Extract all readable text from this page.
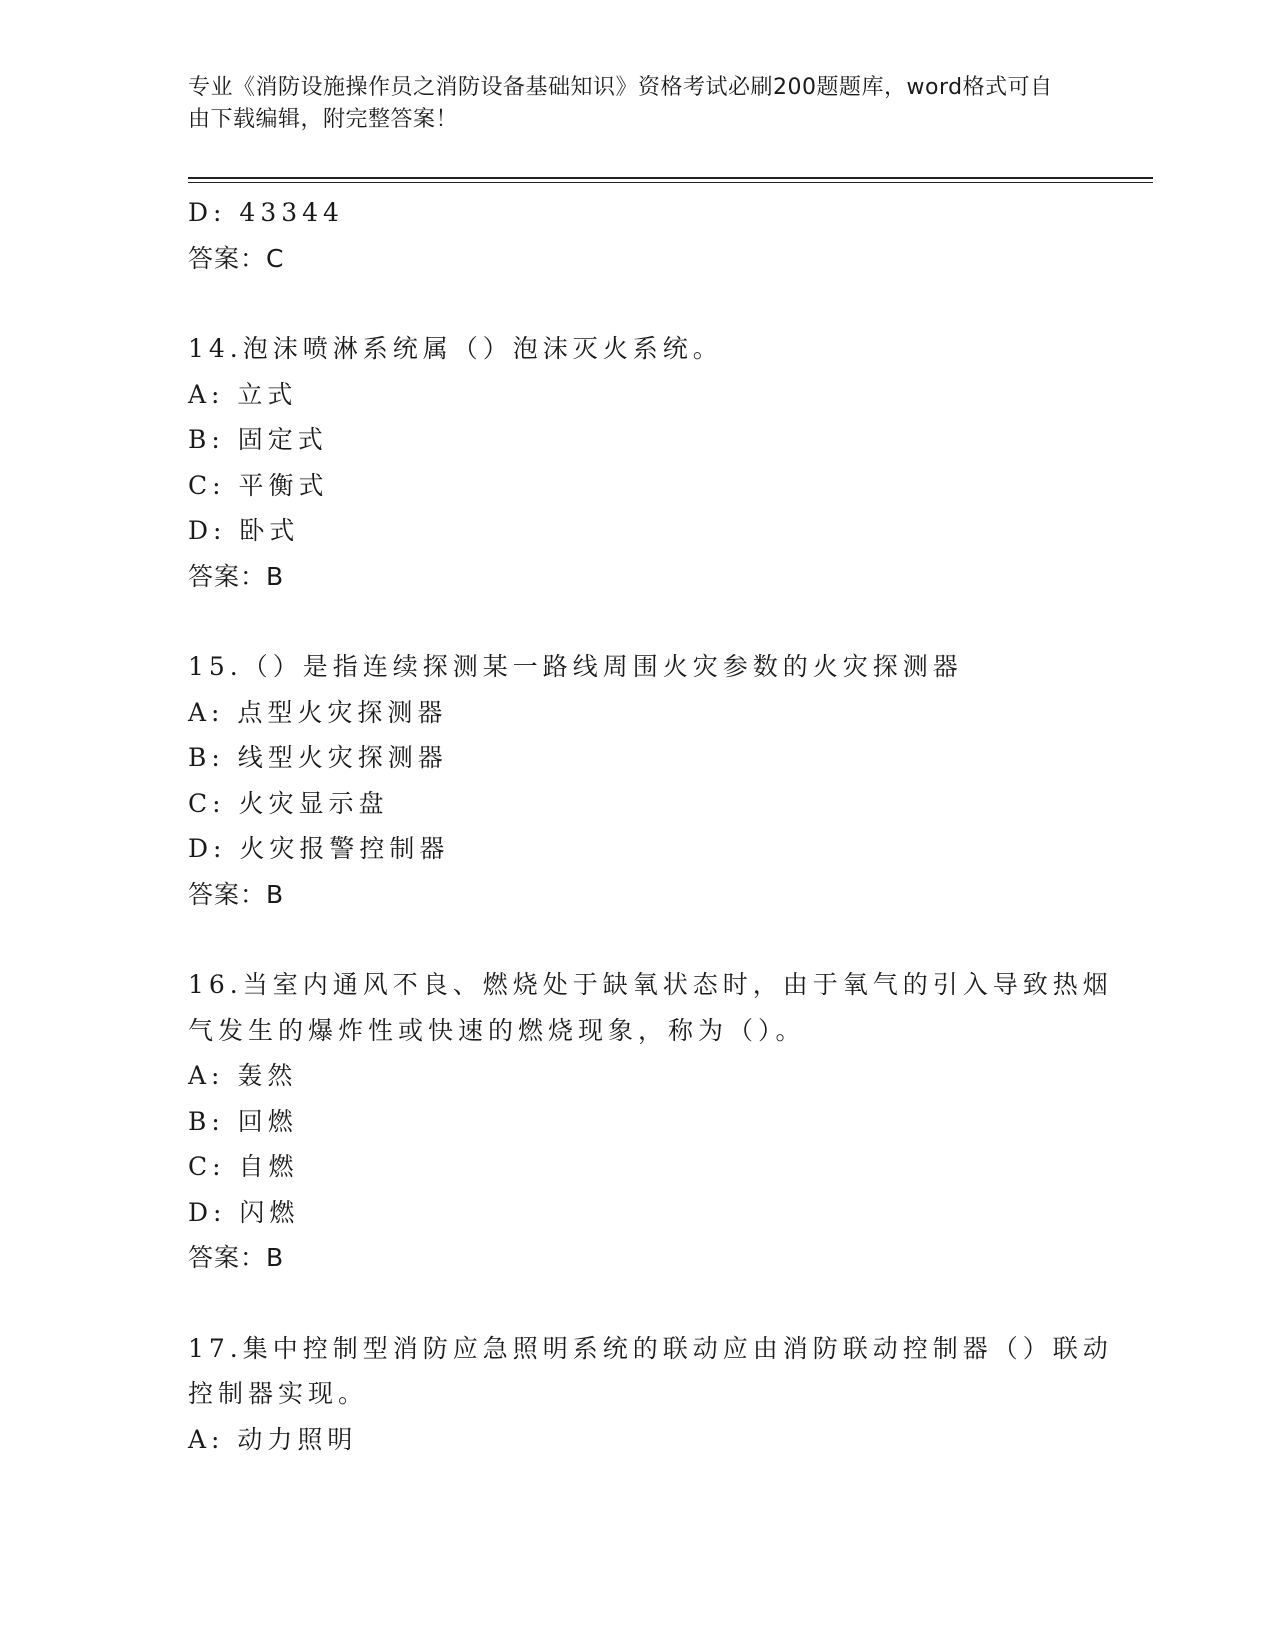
专业《消防设施操作员之消防设备基础知识》资格考试必刷200题题库，word格式可自由下载编辑，附完整答案！
D: 43344
答案：C
14.泡沫喷淋系统属（）泡沫灭火系统。
A: 立式
B: 固定式
C: 平衡式
D: 卧式
答案：B
15.（）是指连续探测某一路线周围火灾参数的火灾探测器
A: 点型火灾探测器
B: 线型火灾探测器
C: 火灾显示盘
D: 火灾报警控制器
答案：B
16.当室内通风不良、燃烧处于缺氧状态时，由于氧气的引入导致热烟
气发生的爆炸性或快速的燃烧现象，称为（）。
A: 轰然
B: 回燃
C: 自燃
D: 闪燃
答案：B
17.集中控制型消防应急照明系统的联动应由消防联动控制器（）联动
控制器实现。
A: 动力照明
